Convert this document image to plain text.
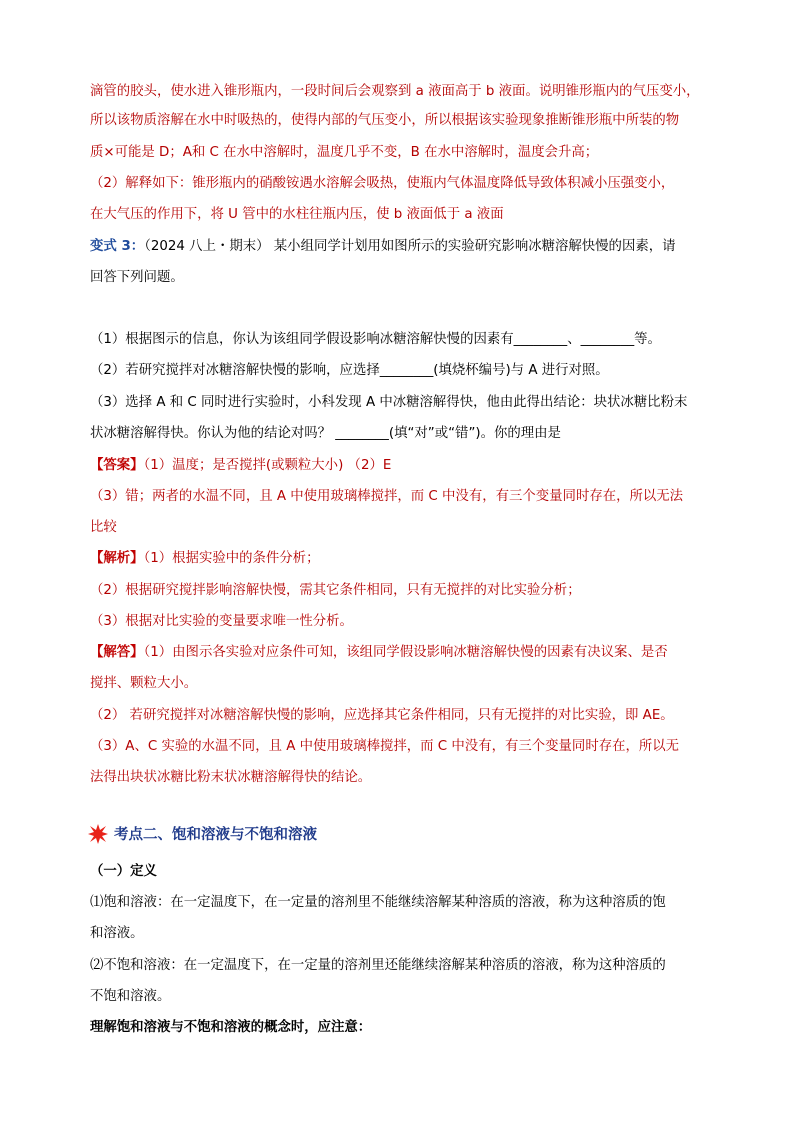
滴管的胶头，使水进入锥形瓶内，一段时间后会观察到 a 液面高于 b 液面。说明锥形瓶内的气压变小，
所以该物质溶解在水中时吸热的，使得内部的气压变小，所以根据该实验现象推断锥形瓶中所装的物
质×可能是 D；A和 C 在水中溶解时，温度几乎不变，B 在水中溶解时，温度会升高；
（2）解释如下：锥形瓶内的硝酸铵遇水溶解会吸热，使瓶内气体温度降低导致体积减小压强变小，
在大气压的作用下，将 U 管中的水柱往瓶内压，使 b 液面低于 a 液面
变式 3：（2024 八上・期末） 某小组同学计划用如图所示的实验研究影响冰糖溶解快慢的因素，请
回答下列问题。
（1）根据图示的信息，你认为该组同学假设影响冰糖溶解快慢的因素有________、________等。
（2）若研究搅拌对冰糖溶解快慢的影响，应选择________(填烧杯编号)与 A 进行对照。
（3）选择 A 和 C 同时进行实验时，小科发现 A 中冰糖溶解得快，他由此得出结论：块状冰糖比粉末
状冰糖溶解得快。你认为他的结论对吗？ ________(填“对”或“错”)。你的理由是
【答案】（1）温度；是否搅拌(或颗粒大小) （2）E
（3）错；两者的水温不同，且 A 中使用玻璃棒搅拌，而 C 中没有，有三个变量同时存在，所以无法
比较
【解析】（1）根据实验中的条件分析；
（2）根据研究搅拌影响溶解快慢，需其它条件相同，只有无搅拌的对比实验分析；
（3）根据对比实验的变量要求唯一性分析。
【解答】（1）由图示各实验对应条件可知，该组同学假设影响冰糖溶解快慢的因素有决议案、是否
搅拌、颗粒大小。
（2） 若研究搅拌对冰糖溶解快慢的影响，应选择其它条件相同，只有无搅拌的对比实验，即 AE。
（3）A、C 实验的水温不同，且 A 中使用玻璃棒搅拌，而 C 中没有，有三个变量同时存在，所以无
法得出块状冰糖比粉末状冰糖溶解得快的结论。
考点二、饱和溶液与不饱和溶液
（一）定义
⑴饱和溶液：在一定温度下，在一定量的溶剂里不能继续溶解某种溶质的溶液，称为这种溶质的饱
和溶液。
⑵不饱和溶液：在一定温度下，在一定量的溶剂里还能继续溶解某种溶质的溶液，称为这种溶质的
不饱和溶液。
理解饱和溶液与不饱和溶液的概念时，应注意：
